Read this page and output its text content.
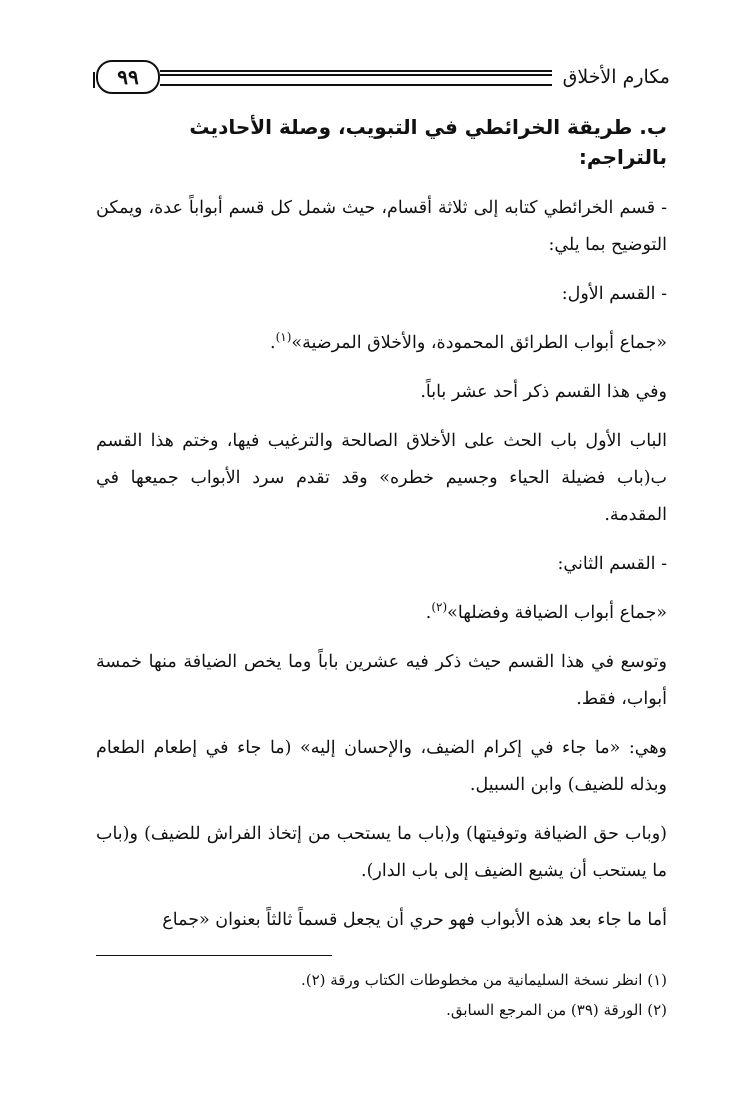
مكارم الأخلاق
٩٩
ب. طريقة الخرائطي في التبويب، وصلة الأحاديث بالتراجم:

- قسم الخرائطي كتابه إلى ثلاثة أقسام، حيث شمل كل قسم أبواباً عدة، ويمكن التوضيح بما يلي:

- القسم الأول:

«جماع أبواب الطرائق المحمودة، والأخلاق المرضية»$^{(١)}$.

وفي هذا القسم ذكر أحد عشر باباً.

الباب الأول باب الحث على الأخلاق الصالحة والترغيب فيها، وختم هذا القسم ب(باب فضيلة الحياء وجسيم خطره» وقد تقدم سرد الأبواب جميعها في المقدمة.

- القسم الثاني:

«جماع أبواب الضيافة وفضلها»$^{(٢)}$.

وتوسع في هذا القسم حيث ذكر فيه عشرين باباً وما يخص الضيافة منها خمسة أبواب، فقط.

وهي: «ما جاء في إكرام الضيف، والإحسان إليه» (ما جاء في إطعام الطعام وبذله للضيف) وابن السبيل.

(وباب حق الضيافة وتوفيتها) و(باب ما يستحب من إتخاذ الفراش للضيف) و(باب ما يستحب أن يشيع الضيف إلى باب الدار).

أما ما جاء بعد هذه الأبواب فهو حري أن يجعل قسماً ثالثاً بعنوان «جماع

(١) انظر نسخة السليمانية من مخطوطات الكتاب ورقة (٢).
(٢) الورقة (٣٩) من المرجع السابق.
